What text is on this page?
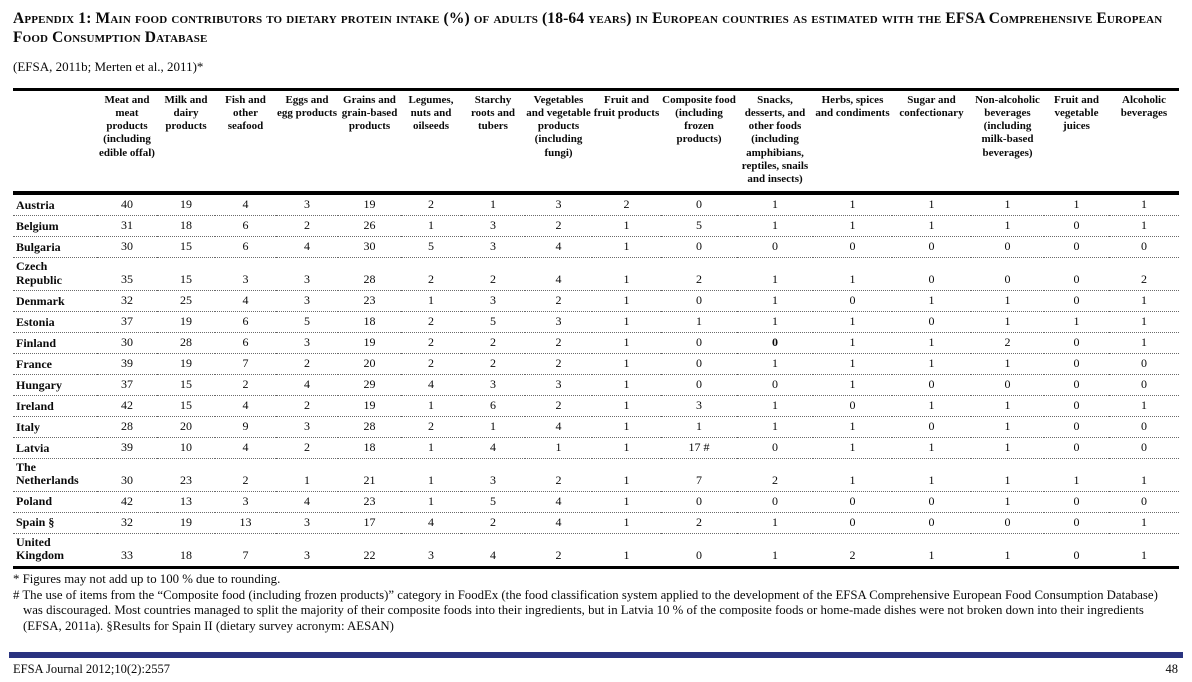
Appendix 1: Main food contributors to dietary protein intake (%) of adults (18-64 years) in European countries as estimated with the EFSA Comprehensive European Food Consumption Database
(EFSA, 2011b; Merten et al., 2011)*
	Meat and meat products (including edible offal)	Milk and dairy products	Fish and other seafood	Eggs and egg products	Grains and grain-based products	Legumes, nuts and oilseeds	Starchy roots and tubers	Vegetables and vegetable products (including fungi)	Fruit and fruit products	Composite food (including frozen products)	Snacks, desserts, and other foods (including amphibians, reptiles, snails and insects)	Herbs, spices and condiments	Sugar and confectionary	Non-alcoholic beverages (including milk-based beverages)	Fruit and vegetable juices	Alcoholic beverages
Austria	40	19	4	3	19	2	1	3	2	0	1	1	1	1	1	1
Belgium	31	18	6	2	26	1	3	2	1	5	1	1	1	1	0	1
Bulgaria	30	15	6	4	30	5	3	4	1	0	0	0	0	0	0	0
Czech Republic	35	15	3	3	28	2	2	4	1	2	1	1	0	0	0	2
Denmark	32	25	4	3	23	1	3	2	1	0	1	0	1	1	0	1
Estonia	37	19	6	5	18	2	5	3	1	1	1	1	0	1	1	1
Finland	30	28	6	3	19	2	2	2	1	0	0	1	1	2	0	1
France	39	19	7	2	20	2	2	2	1	0	1	1	1	1	0	0
Hungary	37	15	2	4	29	4	3	3	1	0	0	1	0	0	0	0
Ireland	42	15	4	2	19	1	6	2	1	3	1	0	1	1	0	1
Italy	28	20	9	3	28	2	1	4	1	1	1	1	0	1	0	0
Latvia	39	10	4	2	18	1	4	1	1	17 #	0	1	1	1	0	0
The Netherlands	30	23	2	1	21	1	3	2	1	7	2	1	1	1	1	1
Poland	42	13	3	4	23	1	5	4	1	0	0	0	0	1	0	0
Spain §	32	19	13	3	17	4	2	4	1	2	1	0	0	0	0	1
United Kingdom	33	18	7	3	22	3	4	2	1	0	1	2	1	1	0	1

* Figures may not add up to 100 % due to rounding.

# The use of items from the “Composite food (including frozen products)” category in FoodEx (the food classification system applied to the development of the EFSA Comprehensive European Food Consumption Database) was discouraged. Most countries managed to split the majority of their composite foods into their ingredients, but in Latvia 10 % of the composite foods or home-made dishes were not broken down into their ingredients (EFSA, 2011a). §Results for Spain II (dietary survey acronym: AESAN)

EFSA Journal 2012;10(2):2557	48
